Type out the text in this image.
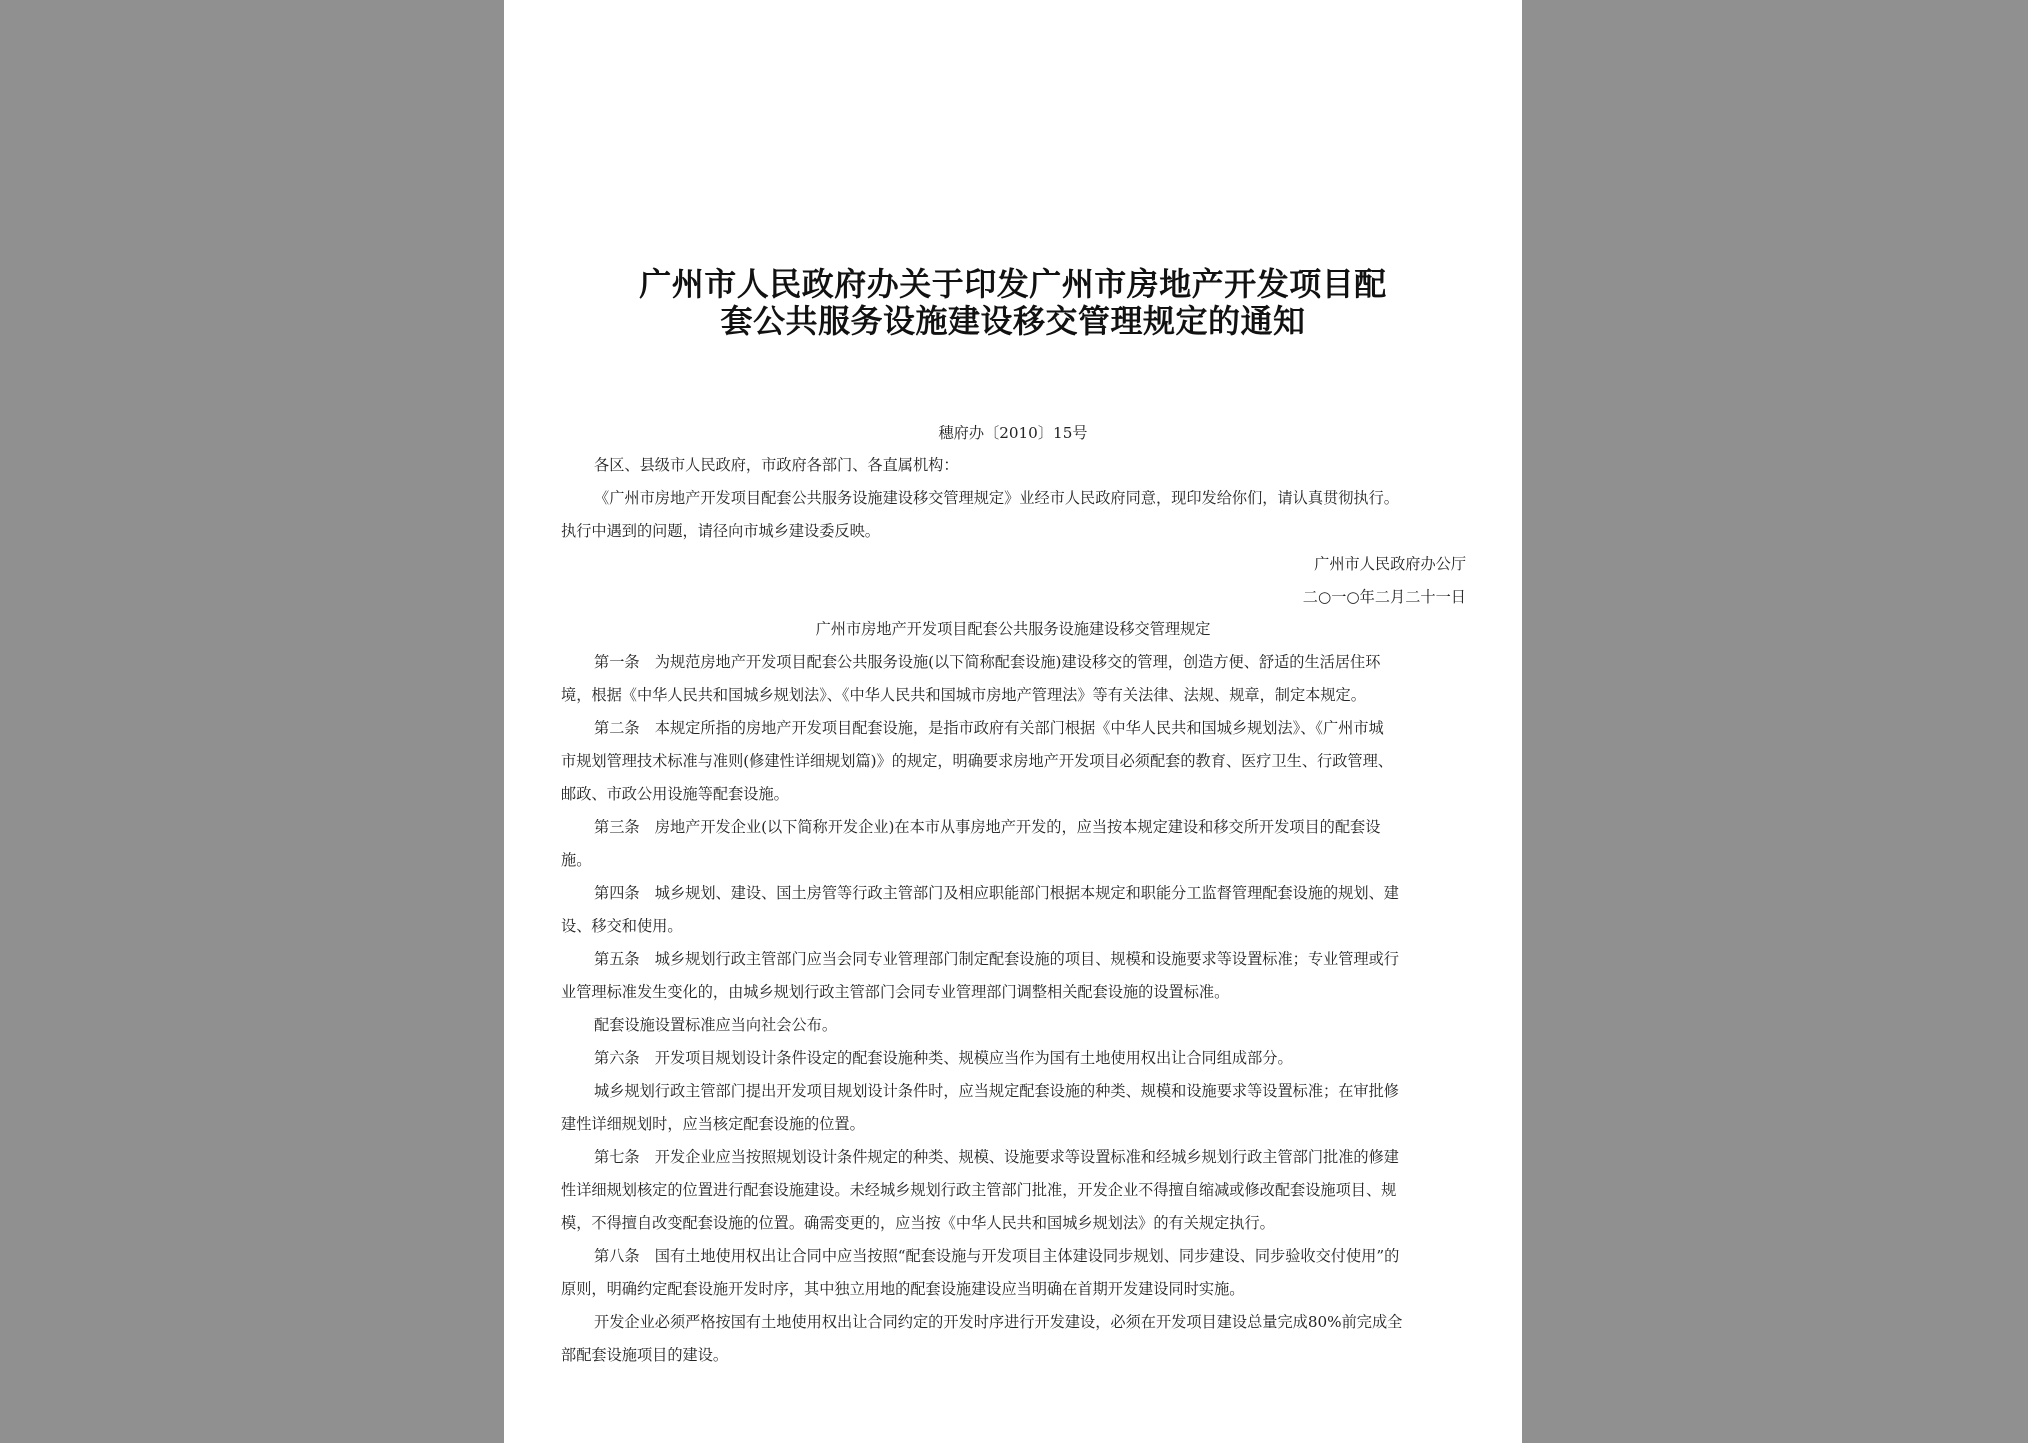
广州市人民政府办关于印发广州市房地产开发项目配
套公共服务设施建设移交管理规定的通知
穗府办〔2010〕15号
各区、县级市人民政府，市政府各部门、各直属机构：
《广州市房地产开发项目配套公共服务设施建设移交管理规定》业经市人民政府同意，现印发给你们，请认真贯彻执行。
执行中遇到的问题，请径向市城乡建设委反映。
广州市人民政府办公厅
二○一○年二月二十一日
广州市房地产开发项目配套公共服务设施建设移交管理规定
第一条　为规范房地产开发项目配套公共服务设施(以下简称配套设施)建设移交的管理，创造方便、舒适的生活居住环
境，根据《中华人民共和国城乡规划法》、《中华人民共和国城市房地产管理法》等有关法律、法规、规章，制定本规定。
第二条　本规定所指的房地产开发项目配套设施，是指市政府有关部门根据《中华人民共和国城乡规划法》、《广州市城
市规划管理技术标准与准则(修建性详细规划篇)》的规定，明确要求房地产开发项目必须配套的教育、医疗卫生、行政管理、
邮政、市政公用设施等配套设施。
第三条　房地产开发企业(以下简称开发企业)在本市从事房地产开发的，应当按本规定建设和移交所开发项目的配套设
施。
第四条　城乡规划、建设、国土房管等行政主管部门及相应职能部门根据本规定和职能分工监督管理配套设施的规划、建
设、移交和使用。
第五条　城乡规划行政主管部门应当会同专业管理部门制定配套设施的项目、规模和设施要求等设置标准；专业管理或行
业管理标准发生变化的，由城乡规划行政主管部门会同专业管理部门调整相关配套设施的设置标准。
配套设施设置标准应当向社会公布。
第六条　开发项目规划设计条件设定的配套设施种类、规模应当作为国有土地使用权出让合同组成部分。
城乡规划行政主管部门提出开发项目规划设计条件时，应当规定配套设施的种类、规模和设施要求等设置标准；在审批修
建性详细规划时，应当核定配套设施的位置。
第七条　开发企业应当按照规划设计条件规定的种类、规模、设施要求等设置标准和经城乡规划行政主管部门批准的修建
性详细规划核定的位置进行配套设施建设。未经城乡规划行政主管部门批准，开发企业不得擅自缩减或修改配套设施项目、规
模，不得擅自改变配套设施的位置。确需变更的，应当按《中华人民共和国城乡规划法》的有关规定执行。
第八条　国有土地使用权出让合同中应当按照“配套设施与开发项目主体建设同步规划、同步建设、同步验收交付使用”的
原则，明确约定配套设施开发时序，其中独立用地的配套设施建设应当明确在首期开发建设同时实施。
开发企业必须严格按国有土地使用权出让合同约定的开发时序进行开发建设，必须在开发项目建设总量完成80%前完成全
部配套设施项目的建设。
